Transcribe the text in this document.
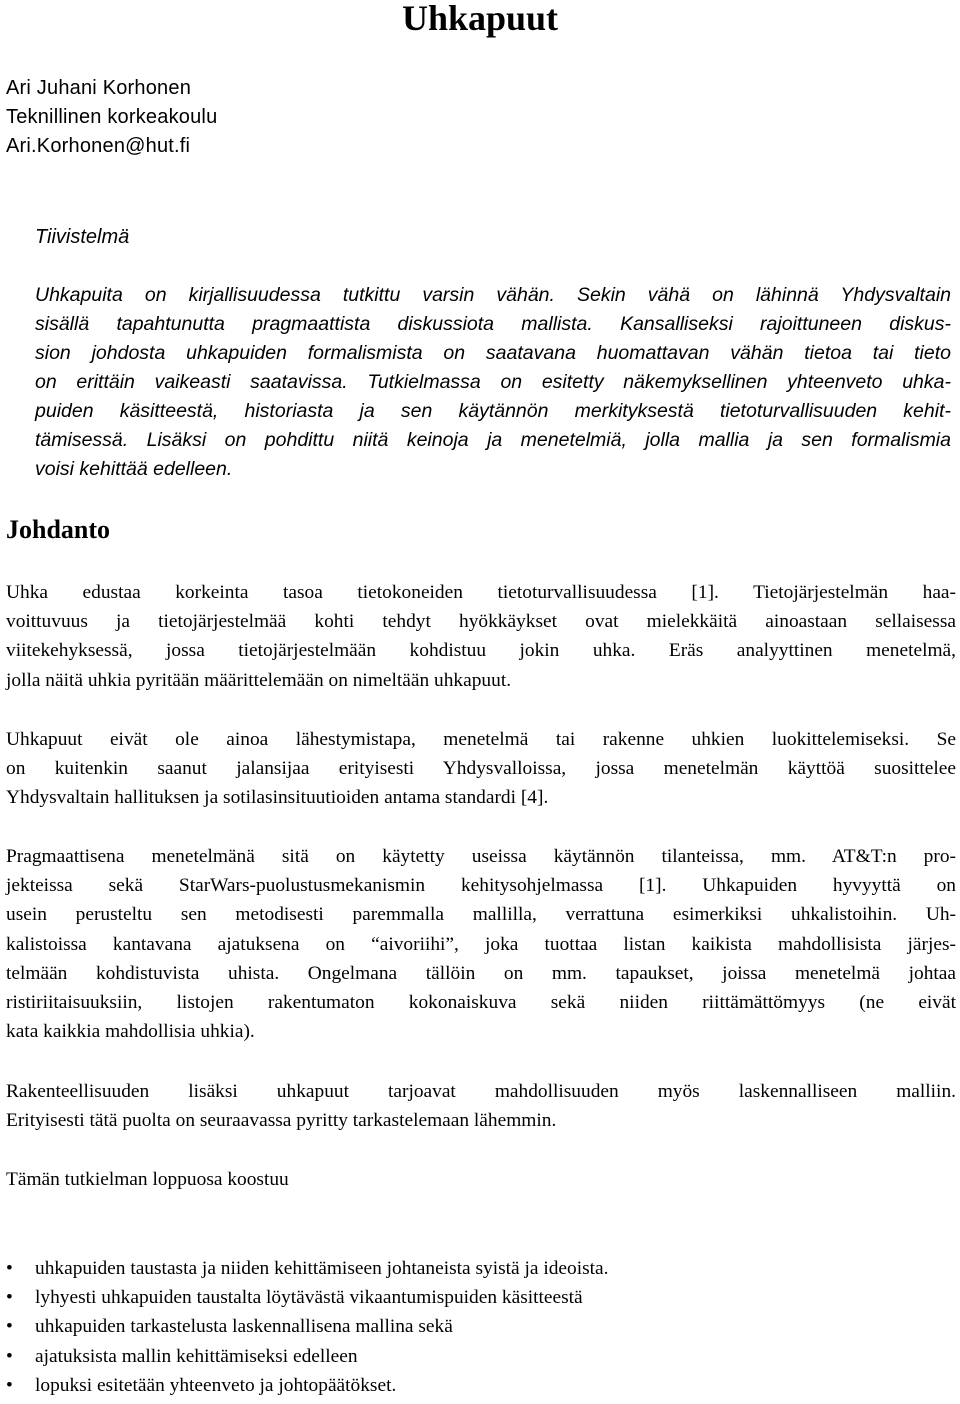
Uhkapuut
Ari Juhani Korhonen
Teknillinen korkeakoulu
Ari.Korhonen@hut.fi
Tiivistelmä

Uhkapuita on kirjallisuudessa tutkittu varsin vähän. Sekin vähä on lähinnä Yhdysvaltain
sisällä tapahtunutta pragmaattista diskussiota mallista. Kansalliseksi rajoittuneen diskus-
sion johdosta uhkapuiden formalismista on saatavana huomattavan vähän tietoa tai tieto
on erittäin vaikeasti saatavissa. Tutkielmassa on esitetty näkemyksellinen yhteenveto uhka-
puiden käsitteestä, historiasta ja sen käytännön merkityksestä tietoturvallisuuden kehit-
tämisessä. Lisäksi on pohdittu niitä keinoja ja menetelmiä, jolla mallia ja sen formalismia
voisi kehittää edelleen.

Johdanto

Uhka edustaa korkeinta tasoa tietokoneiden tietoturvallisuudessa [1]. Tietojärjestelmän haa-
voittuvuus ja tietojärjestelmää kohti tehdyt hyökkäykset ovat mielekkäitä ainoastaan sellaisessa
viitekehyksessä, jossa tietojärjestelmään kohdistuu jokin uhka. Eräs analyyttinen menetelmä,
jolla näitä uhkia pyritään määrittelemään on nimeltään uhkapuut.

Uhkapuut eivät ole ainoa lähestymistapa, menetelmä tai rakenne uhkien luokittelemiseksi. Se
on kuitenkin saanut jalansijaa erityisesti Yhdysvalloissa, jossa menetelmän käyttöä suosittelee
Yhdysvaltain hallituksen ja sotilasinsituutioiden antama standardi [4].

Pragmaattisena menetelmänä sitä on käytetty useissa käytännön tilanteissa, mm. AT&T:n pro-
jekteissa sekä StarWars-puolustusmekanismin kehitysohjelmassa [1]. Uhkapuiden hyvyyttä on
usein perusteltu sen metodisesti paremmalla mallilla, verrattuna esimerkiksi uhkalistoihin. Uh-
kalistoissa kantavana ajatuksena on “aivoriihi”, joka tuottaa listan kaikista mahdollisista järjes-
telmään kohdistuvista uhista. Ongelmana tällöin on mm. tapaukset, joissa menetelmä johtaa
ristiriitaisuuksiin, listojen rakentumaton kokonaiskuva sekä niiden riittämättömyys (ne eivät
kata kaikkia mahdollisia uhkia).

Rakenteellisuuden lisäksi uhkapuut tarjoavat mahdollisuuden myös laskennalliseen malliin.
Erityisesti tätä puolta on seuraavassa pyritty tarkastelemaan lähemmin.

Tämän tutkielman loppuosa koostuu

• uhkapuiden taustasta ja niiden kehittämiseen johtaneista syistä ja ideoista.
• lyhyesti uhkapuiden taustalta löytävästä vikaantumispuiden käsitteestä
• uhkapuiden tarkastelusta laskennallisena mallina sekä
• ajatuksista mallin kehittämiseksi edelleen
• lopuksi esitetään yhteenveto ja johtopäätökset.
